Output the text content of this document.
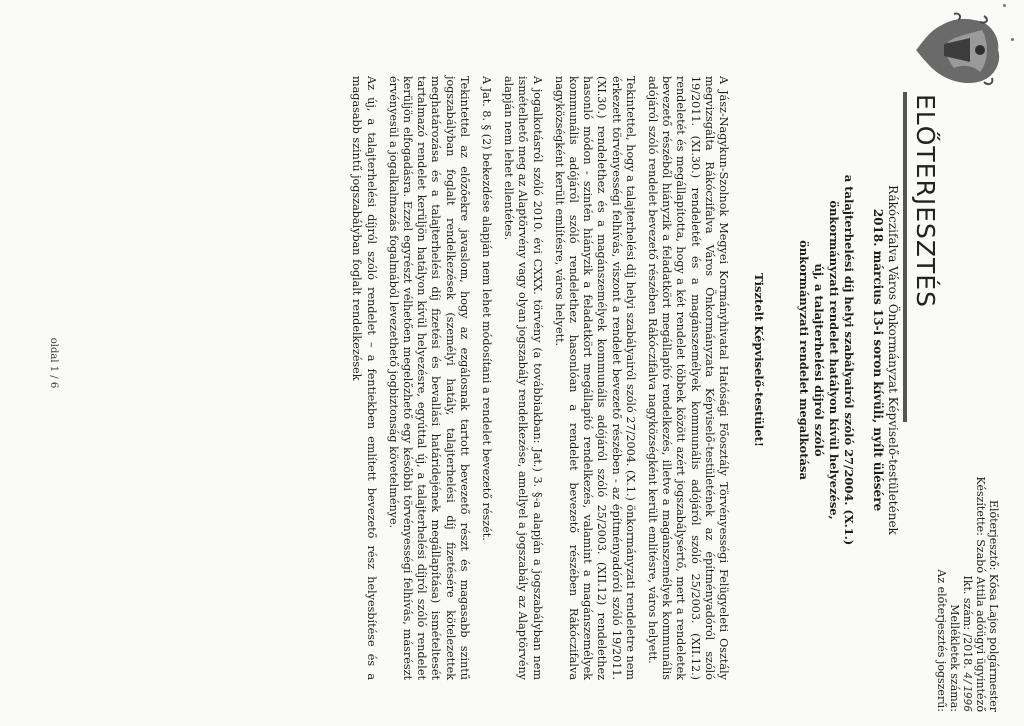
ELŐTERJESZTÉS
Előterjesztő: Kósa Lajos polgármester
Készítette: Szabó Attila adóügyi ügyintéző
Ikt. szám: /2018. 4/1996
Mellékletek száma:
Az előterjesztés jogszerű:
Rákóczifalva Város Önkormányzat Képviselő-testületének
2018. március 13-i soron kívüli, nyílt ülésére
a talajterhelési díj helyi szabályairól szóló 27/2004. (X.1.)
önkormányzati rendelet hatályon kívül helyezése,
új, a talajterhelési díjról szóló
önkormányzati rendelet megalkotása
Tisztelt Képviselő-testület!

A Jász-Nagykun-Szolnok Megyei Kormányhivatal Hatósági Főosztály Törvényességi Felügyeleti Osztály megvizsgálta Rákóczifalva Város Önkormányzata Képviselő-testületének az építményadóról szóló 19/2011. (XI.30.) rendeletét és a magánszemélyek kommunális adójáról szóló 25/2003. (XII.12.) rendeletét és megállapította, hogy a két rendelet többek között azért jogszabálysértő, mert a rendeletek bevezető részéből hiányzik a feladatkört megállapító rendelkezés, illetve a magánszemélyek kommunális adójáról szóló rendelet bevezető részében Rákóczifalva nagyközségként került említésre, város helyett.

Tekintettel, hogy a talajterhelési díj helyi szabályairól szóló 27/2004. (X.1.) önkormányzati rendeletre nem érkezett törvényességi felhívás, viszont a rendelet bevezető részében - az építményadóról szóló 19/2011. (XI.30.) rendelethez és a magánszemélyek kommunális adójáról szóló 25/2003. (XII.12) rendelethez hasonló módon - szintén hiányzik a feladatkört megállapító rendelkezés, valamint a magánszemélyek kommunális adójáról szóló rendelethez hasonlóan a rendelet bevezető részében Rákóczifalva nagyközségként került említésre, város helyett.

A jogalkotásról szóló 2010. évi CXXX. törvény (a továbbiakban: Jat.) 3. §-a alapján a jogszabályban nem ismételhető meg az Alaptörvény vagy olyan jogszabály rendelkezése, amellyel a jogszabály az Alaptörvény alapján nem lehet ellentétes.

A Jat. 8. § (2) bekezdése alapján nem lehet módosítani a rendelet bevezető részét.

Tekintettel az előzőekre javaslom, hogy az ezgálosnak tartott bevezető részt és magasabb szintű jogszabályban foglalt rendelkezések (személyi hatály, talajterhelési díj fizetésére kötelezettek meghatározása és a talajterhelési díj fizetési és bevallási határidejének megállapítása) ismételtesét tartalmazó rendelet kerüljön hatályon kívül helyezésre, egyúttal új, a talajterhelési díjról szóló rendelet kerüljön elfogadásra. Ezzel egyrészt vélhetően megelőzhető egy későbbi törvényességi felhívás, másrészt érvényesül a jogalkalmazás fogalmából levezethető jogbiztonság követelménye.

Az új, a talajterhelési díjról szóló rendelet – a fentiekben említett bevezető rész helyesbítése és a magasabb szintű jogszabályban foglalt rendelkezések

oldal 1 / 6
